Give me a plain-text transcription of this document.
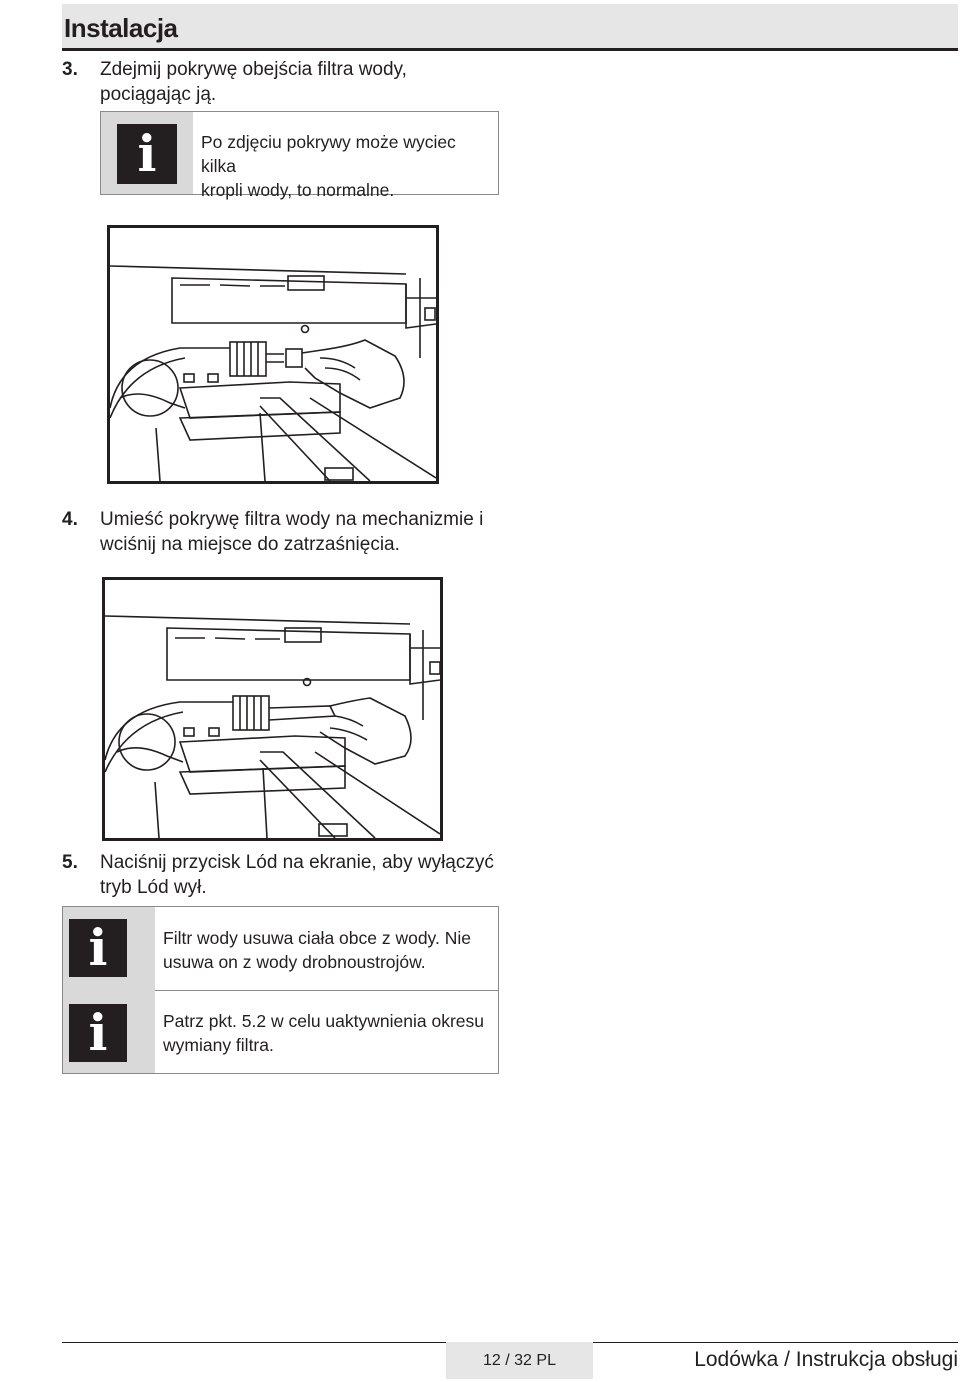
Instalacja
3. Zdejmij pokrywę obejścia filtra wody,
pociągając ją.
i	Po zdjęciu pokrywy może wyciec kilka
kropli wody, to normalne.
4. Umieść pokrywę filtra wody na mechanizmie i
wciśnij na miejsce do zatrzaśnięcia.
5. Naciśnij przycisk Lód na ekranie, aby wyłączyć
tryb Lód wył.
i
i
Filtr wody usuwa ciała obce z wody. Nie
usuwa on z wody drobnoustrojów.
Patrz pkt. 5.2 w celu uaktywnienia okresu
wymiany filtra.
12 / 32 PL	Lodówka / Instrukcja obsługi
